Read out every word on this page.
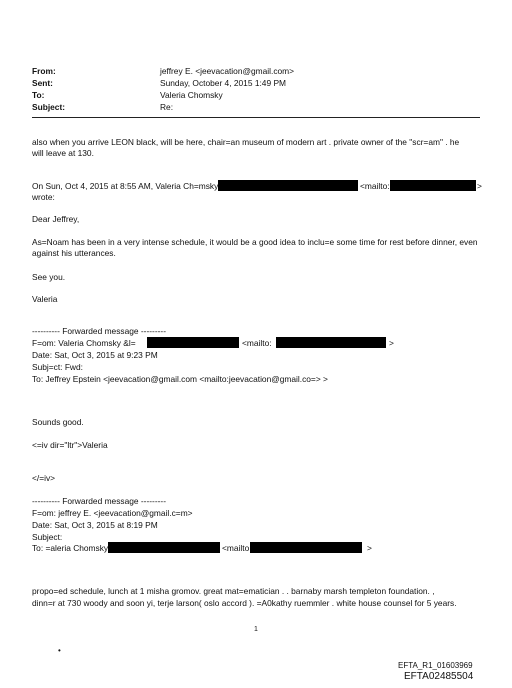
From:	jeffrey E. <jeevacation@gmail.com>
Sent:	Sunday, October 4, 2015 1:49 PM
To:	Valeria Chomsky
Subject:	Re:
also when you arrive LEON black, will be here, chair=an museum of modern art . private owner of the "scr=am" . he
will leave at 130.
On Sun, Oct 4, 2015 at 8:55 AM, Valeria Ch=msky	<mailto:	>
wrote:
Dear Jeffrey,
As=Noam has been in a very intense schedule, it would be a good idea to inclu=e some time for rest before dinner, even
against his utterances.
See you.
Valeria
---------- Forwarded message ---------
F=om: Valeria Chomsky &l=	<mailto:	>
Date: Sat, Oct 3, 2015 at 9:23 PM
Subj=ct: Fwd:
To: Jeffrey Epstein <jeevacation@gmail.com <mailto:jeevacation@gmail.co=> >
Sounds good.
<=iv dir="ltr">Valeria
</=iv>
---------- Forwarded message ---------
F=om: jeffrey E. <jeevacation@gmail.c=m>
Date: Sat, Oct 3, 2015 at 8:19 PM
Subject:
To: =aleria Chomsky	<mailto	>
propo=ed schedule, lunch at 1 misha gromov. great mat=ematician . . barnaby marsh templeton foundation. ,
dinn=r at 730 woody and soon yi, terje larson( oslo accord ). =A0kathy ruemmler . white house counsel for 5 years.
1
•
EFTA_R1_01603969
EFTA02485504
